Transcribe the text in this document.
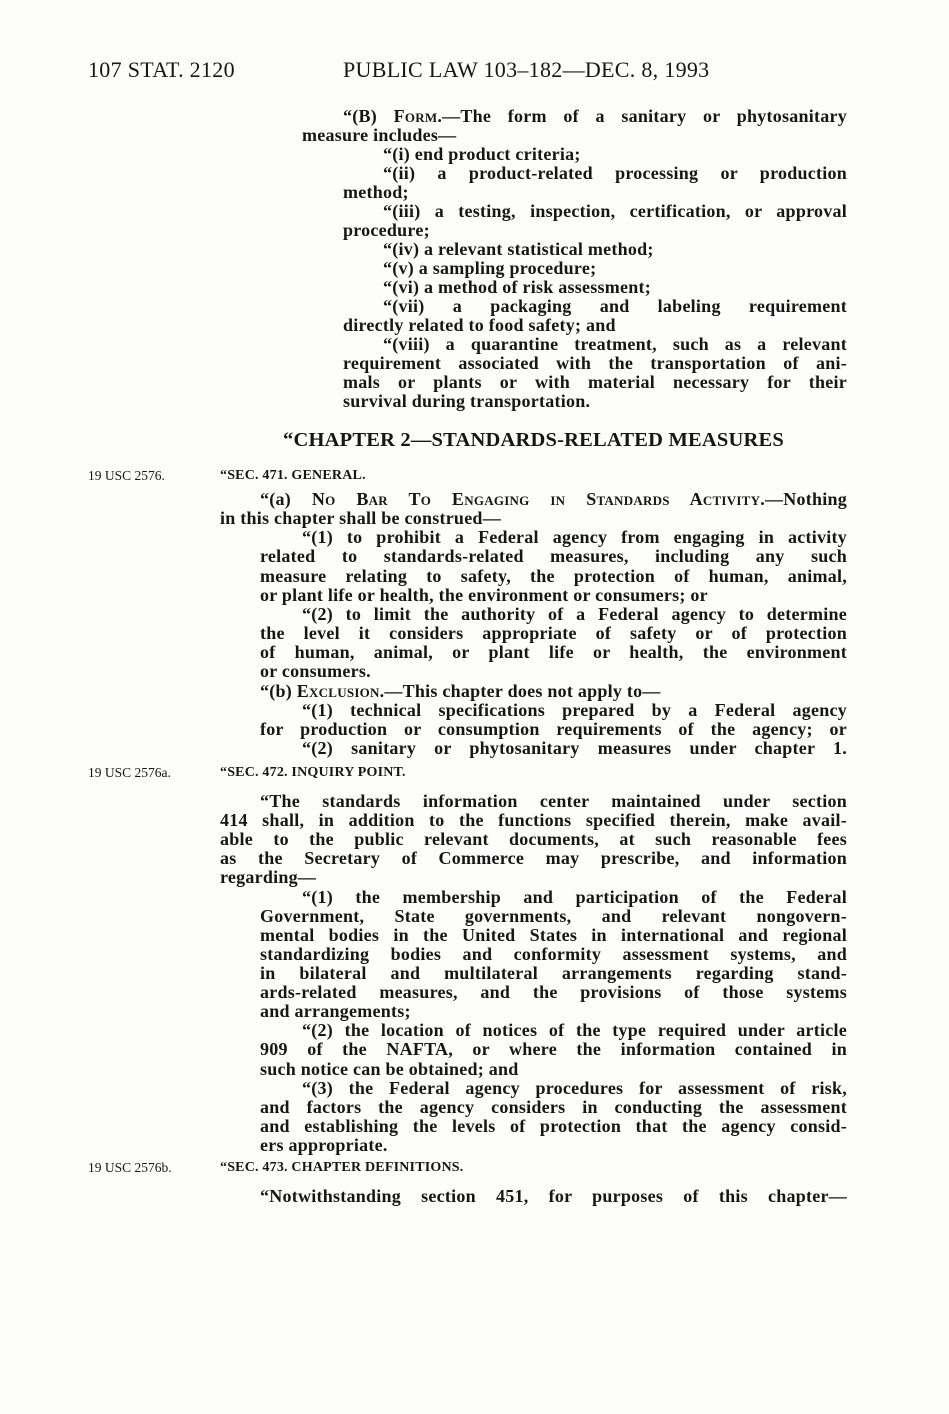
107 STAT. 2120	PUBLIC LAW 103–182—DEC. 8, 1993
“(B) Form.—The form of a sanitary or phytosanitary
measure includes—
“(i) end product criteria;
“(ii) a product-related processing or production
method;
“(iii) a testing, inspection, certification, or approval
procedure;
“(iv) a relevant statistical method;
“(v) a sampling procedure;
“(vi) a method of risk assessment;
“(vii) a packaging and labeling requirement
directly related to food safety; and
“(viii) a quarantine treatment, such as a relevant
requirement associated with the transportation of ani-
mals or plants or with material necessary for their
survival during transportation.
“CHAPTER 2—STANDARDS-RELATED MEASURES
19 USC 2576.	“SEC. 471. GENERAL.
“(a) No Bar To Engaging in Standards Activity.—Nothing
in this chapter shall be construed—
“(1) to prohibit a Federal agency from engaging in activity
related to standards-related measures, including any such
measure relating to safety, the protection of human, animal,
or plant life or health, the environment or consumers; or
“(2) to limit the authority of a Federal agency to determine
the level it considers appropriate of safety or of protection
of human, animal, or plant life or health, the environment
or consumers.
“(b) Exclusion.—This chapter does not apply to—
“(1) technical specifications prepared by a Federal agency
for production or consumption requirements of the agency; or
“(2) sanitary or phytosanitary measures under chapter 1.
19 USC 2576a.	“SEC. 472. INQUIRY POINT.
“The standards information center maintained under section
414 shall, in addition to the functions specified therein, make avail-
able to the public relevant documents, at such reasonable fees
as the Secretary of Commerce may prescribe, and information
regarding—
“(1) the membership and participation of the Federal
Government, State governments, and relevant nongovern-
mental bodies in the United States in international and regional
standardizing bodies and conformity assessment systems, and
in bilateral and multilateral arrangements regarding stand-
ards-related measures, and the provisions of those systems
and arrangements;
“(2) the location of notices of the type required under article
909 of the NAFTA, or where the information contained in
such notice can be obtained; and
“(3) the Federal agency procedures for assessment of risk,
and factors the agency considers in conducting the assessment
and establishing the levels of protection that the agency consid-
ers appropriate.
19 USC 2576b.	“SEC. 473. CHAPTER DEFINITIONS.
“Notwithstanding section 451, for purposes of this chapter—
